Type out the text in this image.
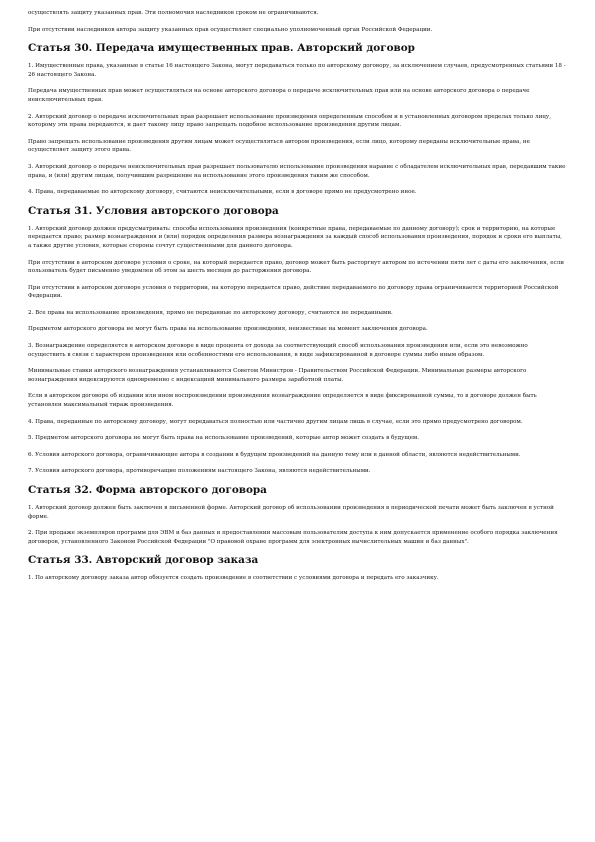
осуществлять защиту указанных прав. Эти полномочия наследников сроком не ограничиваются.

При отсутствии наследников автора защиту указанных прав осуществляет специально уполномоченный орган Российской Федерации.

Статья 30. Передача имущественных прав. Авторский договор

1. Имущественные права, указанные в статье 16 настоящего Закона, могут передаваться только по авторскому договору, за исключением случаев, предусмотренных статьями 18 - 26 настоящего Закона.

Передача имущественных прав может осуществляться на основе авторского договора о передаче исключительных прав или на основе авторского договора о передаче неисключительных прав.

2. Авторский договор о передаче исключительных прав разрешает использование произведения определенным способом и в установленных договором пределах только лицу, которому эти права передаются, и дает такому лицу право запрещать подобное использование произведения другим лицам.

Право запрещать использование произведения другим лицам может осуществляться автором произведения, если лицо, которому переданы исключительные права, не осуществляет защиту этого права.

3. Авторский договор о передаче неисключительных прав разрешает пользователю использование произведения наравне с обладателем исключительных прав, передавшим такие права, и (или) другим лицам, получившим разрешение на использование этого произведения таким же способом.

4. Права, передаваемые по авторскому договору, считаются неисключительными, если в договоре прямо не предусмотрено иное.

Статья 31. Условия авторского договора

1. Авторский договор должен предусматривать: способы использования произведения (конкретные права, передаваемые по данному договору); срок и территорию, на которые передается право; размер вознаграждения и (или) порядок определения размера вознаграждения за каждый способ использования произведения, порядок и сроки его выплаты, а также другие условия, которые стороны сочтут существенными для данного договора.

При отсутствии в авторском договоре условия о сроке, на который передается право, договор может быть расторгнут автором по истечении пяти лет с даты его заключения, если пользователь будет письменно уведомлен об этом за шесть месяцев до расторжения договора.

При отсутствии в авторском договоре условия о территории, на которую передается право, действие передаваемого по договору права ограничивается территорией Российской Федерации.

2. Все права на использование произведения, прямо не переданные по авторскому договору, считаются не переданными.

Предметом авторского договора не могут быть права на использование произведения, неизвестные на момент заключения договора.

3. Вознаграждение определяется в авторском договоре в виде процента от дохода за соответствующий способ использования произведения или, если это невозможно осуществить в связи с характером произведения или особенностями его использования, в виде зафиксированной в договоре суммы либо иным образом.

Минимальные ставки авторского вознаграждения устанавливаются Советом Министров - Правительством Российской Федерации. Минимальные размеры авторского вознаграждения индексируются одновременно с индексацией минимального размера заработной платы.

Если в авторском договоре об издании или ином воспроизведении произведения вознаграждение определяется в виде фиксированной суммы, то в договоре должен быть установлен максимальный тираж произведения.

4. Права, переданные по авторскому договору, могут передаваться полностью или частично другим лицам лишь в случае, если это прямо предусмотрено договором.

5. Предметом авторского договора не могут быть права на использование произведений, которые автор может создать в будущем.

6. Условия авторского договора, ограничивающие автора в создании в будущем произведений на данную тему или в данной области, являются недействительными.

7. Условия авторского договора, противоречащие положениям настоящего Закона, являются недействительными.

Статья 32. Форма авторского договора

1. Авторский договор должен быть заключен в письменной форме. Авторский договор об использовании произведения в периодической печати может быть заключен в устной форме.

2. При продаже экземпляров программ для ЭВМ и баз данных и предоставлении массовым пользователям доступа к ним допускается применение особого порядка заключения договоров, установленного Законом Российской Федерации "О правовой охране программ для электронных вычислительных машин и баз данных".

Статья 33. Авторский договор заказа

1. По авторскому договору заказа автор обязуется создать произведение в соответствии с условиями договора и передать его заказчику.
